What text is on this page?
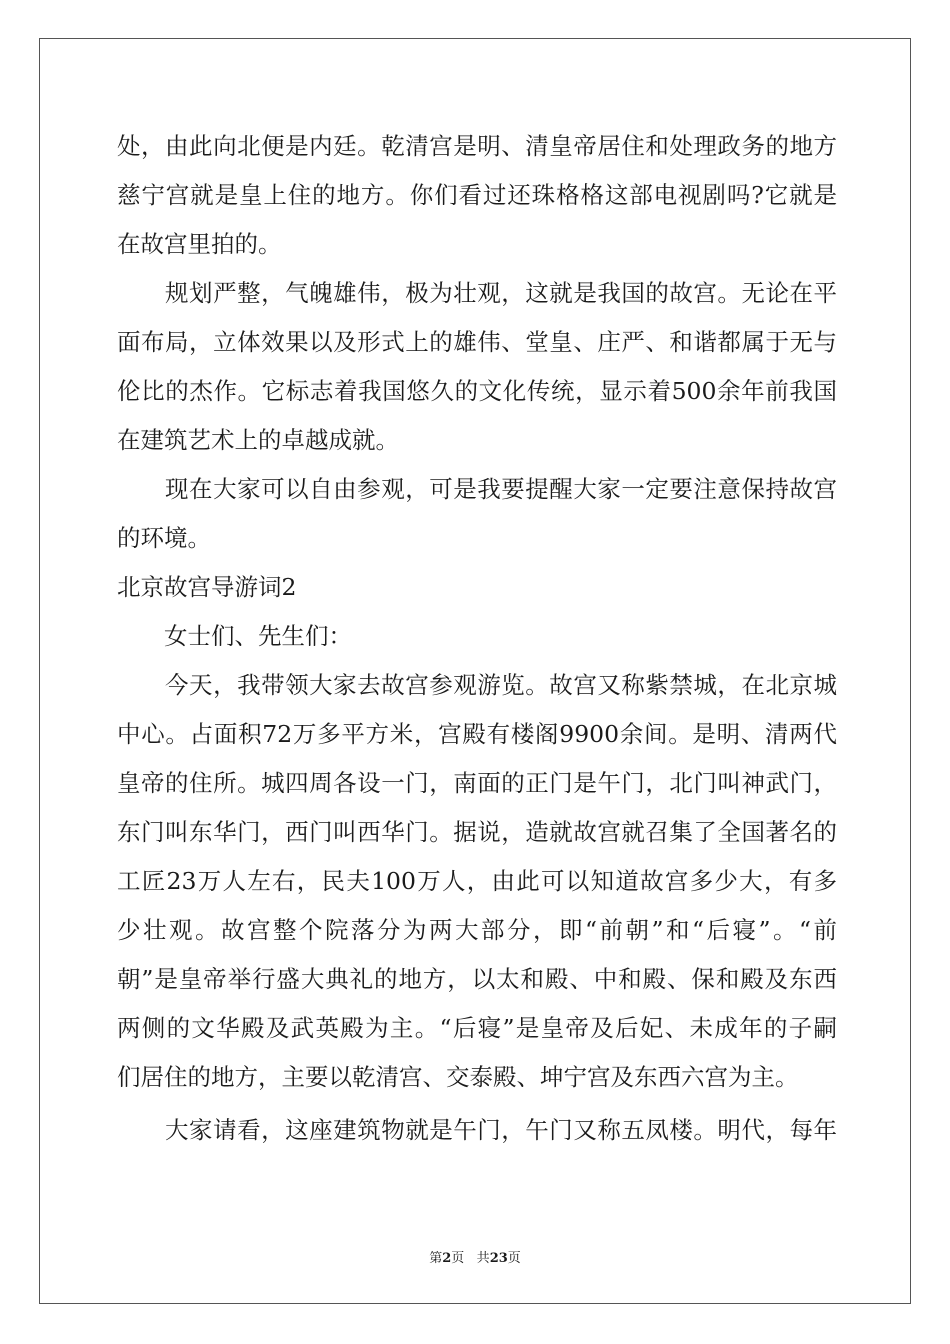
处，由此向北便是内廷。乾清宫是明、清皇帝居住和处理政务的地方
慈宁宫就是皇上住的地方。你们看过还珠格格这部电视剧吗?它就是
在故宫里拍的。
　　规划严整，气魄雄伟，极为壮观，这就是我国的故宫。无论在平
面布局，立体效果以及形式上的雄伟、堂皇、庄严、和谐都属于无与
伦比的杰作。它标志着我国悠久的文化传统，显示着500余年前我国
在建筑艺术上的卓越成就。
　　现在大家可以自由参观，可是我要提醒大家一定要注意保持故宫
的环境。
北京故宫导游词2
　　女士们、先生们：
　　今天，我带领大家去故宫参观游览。故宫又称紫禁城，在北京城
中心。占面积72万多平方米，宫殿有楼阁9900余间。是明、清两代
皇帝的住所。城四周各设一门，南面的正门是午门，北门叫神武门，
东门叫东华门，西门叫西华门。据说，造就故宫就召集了全国著名的
工匠23万人左右，民夫100万人，由此可以知道故宫多少大，有多
少壮观。故宫整个院落分为两大部分，即“前朝”和“后寝”。“前
朝”是皇帝举行盛大典礼的地方，以太和殿、中和殿、保和殿及东西
两侧的文华殿及武英殿为主。“后寝”是皇帝及后妃、未成年的子嗣
们居住的地方，主要以乾清宫、交泰殿、坤宁宫及东西六宫为主。
　　大家请看，这座建筑物就是午门，午门又称五凤楼。明代，每年
第2页 共23页
